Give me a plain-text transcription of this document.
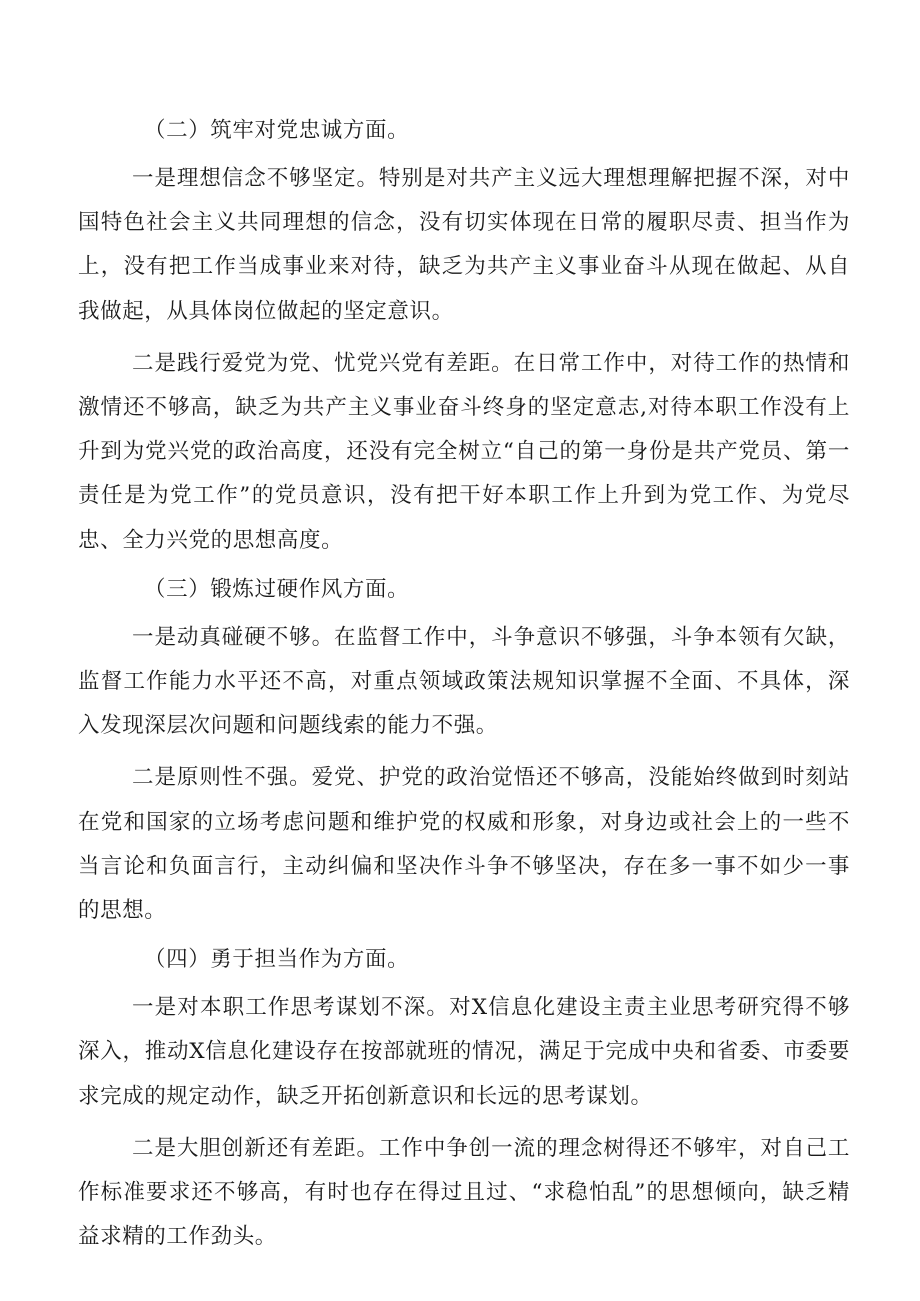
（二）筑牢对党忠诚方面。
一是理想信念不够坚定。特别是对共产主义远大理想理解把握不深，对中国特色社会主义共同理想的信念，没有切实体现在日常的履职尽责、担当作为上，没有把工作当成事业来对待，缺乏为共产主义事业奋斗从现在做起、从自我做起，从具体岗位做起的坚定意识。
二是践行爱党为党、忧党兴党有差距。在日常工作中，对待工作的热情和激情还不够高，缺乏为共产主义事业奋斗终身的坚定意志,对待本职工作没有上升到为党兴党的政治高度，还没有完全树立“自己的第一身份是共产党员、第一责任是为党工作”的党员意识，没有把干好本职工作上升到为党工作、为党尽忠、全力兴党的思想高度。
（三）锻炼过硬作风方面。
一是动真碰硬不够。在监督工作中，斗争意识不够强，斗争本领有欠缺，监督工作能力水平还不高，对重点领域政策法规知识掌握不全面、不具体，深入发现深层次问题和问题线索的能力不强。
二是原则性不强。爱党、护党的政治觉悟还不够高，没能始终做到时刻站在党和国家的立场考虑问题和维护党的权威和形象，对身边或社会上的一些不当言论和负面言行，主动纠偏和坚决作斗争不够坚决，存在多一事不如少一事的思想。
（四）勇于担当作为方面。
一是对本职工作思考谋划不深。对X信息化建设主责主业思考研究得不够深入，推动X信息化建设存在按部就班的情况，满足于完成中央和省委、市委要求完成的规定动作，缺乏开拓创新意识和长远的思考谋划。
二是大胆创新还有差距。工作中争创一流的理念树得还不够牢，对自己工作标准要求还不够高，有时也存在得过且过、“求稳怕乱”的思想倾向，缺乏精益求精的工作劲头。
